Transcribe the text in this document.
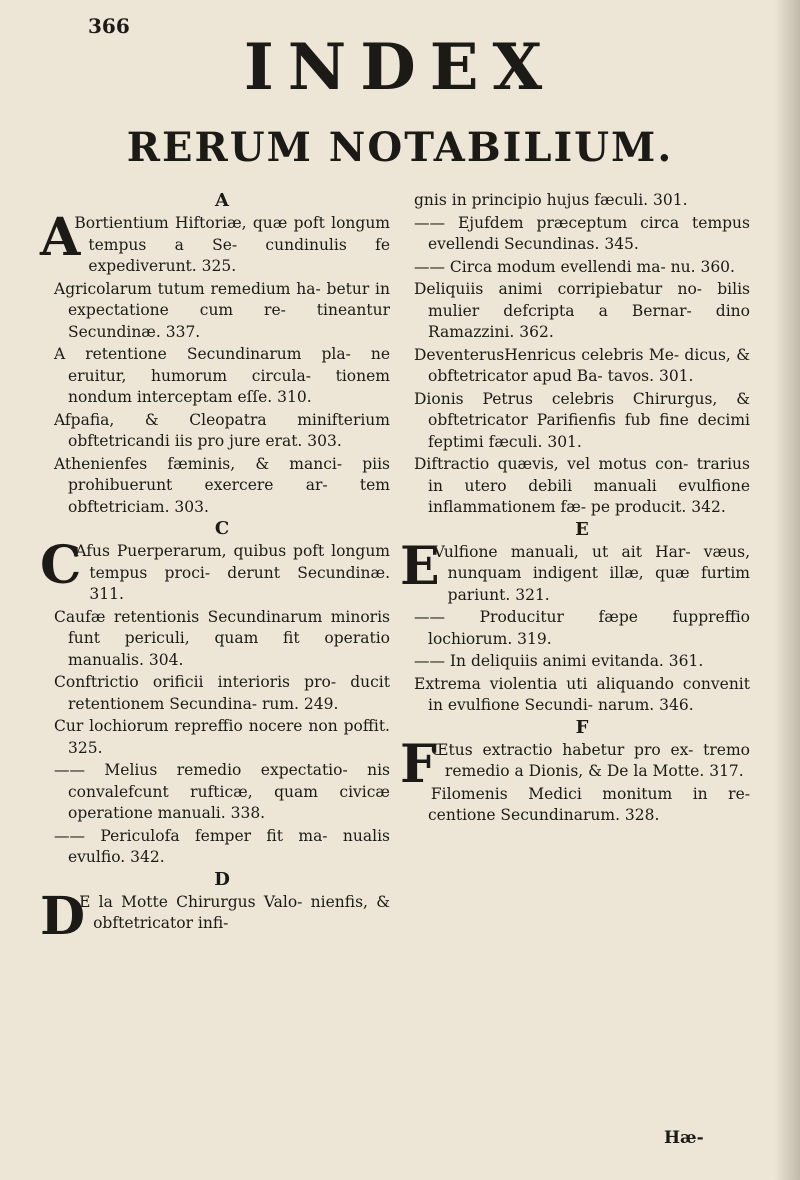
366
INDEX
RERUM NOTABILIUM.
A

A
Bortientium Hiftoriæ, quæ poft longum tempus a Se- cundinulis fe expediverunt. 325.

Agricolarum tutum remedium ha- betur in expectatione cum re- tineantur Secundinæ. 337.

A retentione Secundinarum pla- ne eruitur, humorum circula- tionem nondum interceptam eſſe. 310.

Afpafia, & Cleopatra minifterium obftetricandi iis pro jure erat. 303.

Athenienfes fæminis, & manci- piis prohibuerunt exercere ar- tem obftetriciam. 303.

C

C
Afus Puerperarum, quibus poft longum tempus proci- derunt Secundinæ. 311.

Caufæ retentionis Secundinarum minoris funt periculi, quam fit operatio manualis. 304.

Conftrictio orificii interioris pro- ducit retentionem Secundina- rum. 249.

Cur lochiorum repreffio nocere non poffit. 325.

—— Melius remedio expectatio- nis convalefcunt rufticæ, quam civicæ operatione manuali. 338.

—— Periculofa femper fit ma- nualis evulfio. 342.

D

D
E la Motte Chirurgus Valo- nienfis, & obftetricator infi-

gnis in principio hujus fæculi. 301.

—— Ejufdem præceptum circa tempus evellendi Secundinas. 345.

—— Circa modum evellendi ma- nu. 360.

Deliquiis animi corripiebatur no- bilis mulier defcripta a Bernar- dino Ramazzini. 362.

DeventerusHenricus celebris Me- dicus, & obftetricator apud Ba- tavos. 301.

Dionis Petrus celebris Chirurgus, & obftetricator Parifienfis fub fine decimi feptimi fæculi. 301.

Diftractio quævis, vel motus con- trarius in utero debili manuali evulfione inflammationem fæ- pe producit. 342.

E

E
Vulfione manuali, ut ait Har- væus, nunquam indigent illæ, quæ furtim pariunt. 321.

—— Producitur fæpe fuppreffio lochiorum. 319.

—— In deliquiis animi evitanda. 361.

Extrema violentia uti aliquando convenit in evulfione Secundi- narum. 346.

F

F
Œtus extractio habetur pro ex- tremo remedio a Dionis, & De la Motte. 317.

Filomenis Medici monitum in re- centione Secundinarum. 328.

Hæ-
